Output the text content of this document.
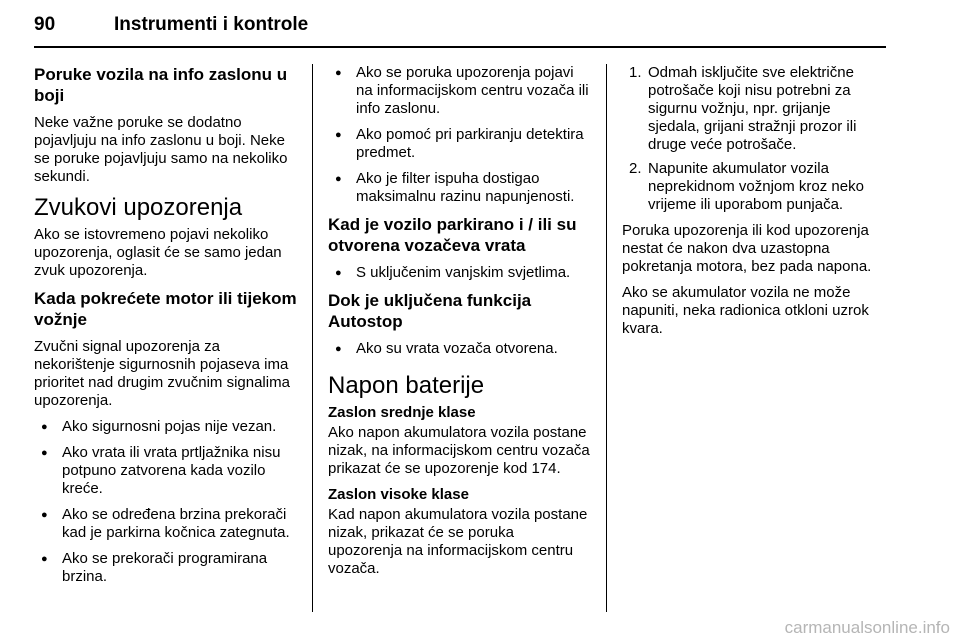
90	Instrumenti i kontrole
Poruke vozila na info zaslonu u boji

Neke važne poruke se dodatno pojavljuju na info zaslonu u boji. Neke se poruke pojavljuju samo na nekoliko sekundi.

Zvukovi upozorenja

Ako se istovremeno pojavi nekoliko upozorenja, oglasit će se samo jedan zvuk upozorenja.

Kada pokrećete motor ili tijekom vožnje

Zvučni signal upozorenja za nekorištenje sigurnosnih pojaseva ima prioritet nad drugim zvučnim signalima upozorenja.

● Ako sigurnosni pojas nije vezan.
● Ako vrata ili vrata prtljažnika nisu potpuno zatvorena kada vozilo kreće.
● Ako se određena brzina prekorači kad je parkirna kočnica zategnuta.
● Ako se prekorači programirana brzina.
● Ako se poruka upozorenja pojavi na informacijskom centru vozača ili info zaslonu.
● Ako pomoć pri parkiranju detektira predmet.
● Ako je filter ispuha dostigao maksimalnu razinu napunjenosti.
Kad je vozilo parkirano i / ili su otvorena vozačeva vrata
● S uključenim vanjskim svjetlima.
Dok je uključena funkcija Autostop
● Ako su vrata vozača otvorena.
Napon baterije
Zaslon srednje klase

Ako napon akumulatora vozila postane nizak, na informacijskom centru vozača prikazat će se upozorenje kod 174.

Zaslon visoke klase

Kad napon akumulatora vozila postane nizak, prikazat će se poruka upozorenja na informacijskom centru vozača.

1. Odmah isključite sve električne potrošače koji nisu potrebni za sigurnu vožnju, npr. grijanje sjedala, grijani stražnji prozor ili druge veće potrošače.
2. Napunite akumulator vozila neprekidnom vožnjom kroz neko vrijeme ili uporabom punjača.

Poruka upozorenja ili kod upozorenja nestat će nakon dva uzastopna pokretanja motora, bez pada napona.

Ako se akumulator vozila ne može napuniti, neka radionica otkloni uzrok kvara.

carmanualsonline.info
